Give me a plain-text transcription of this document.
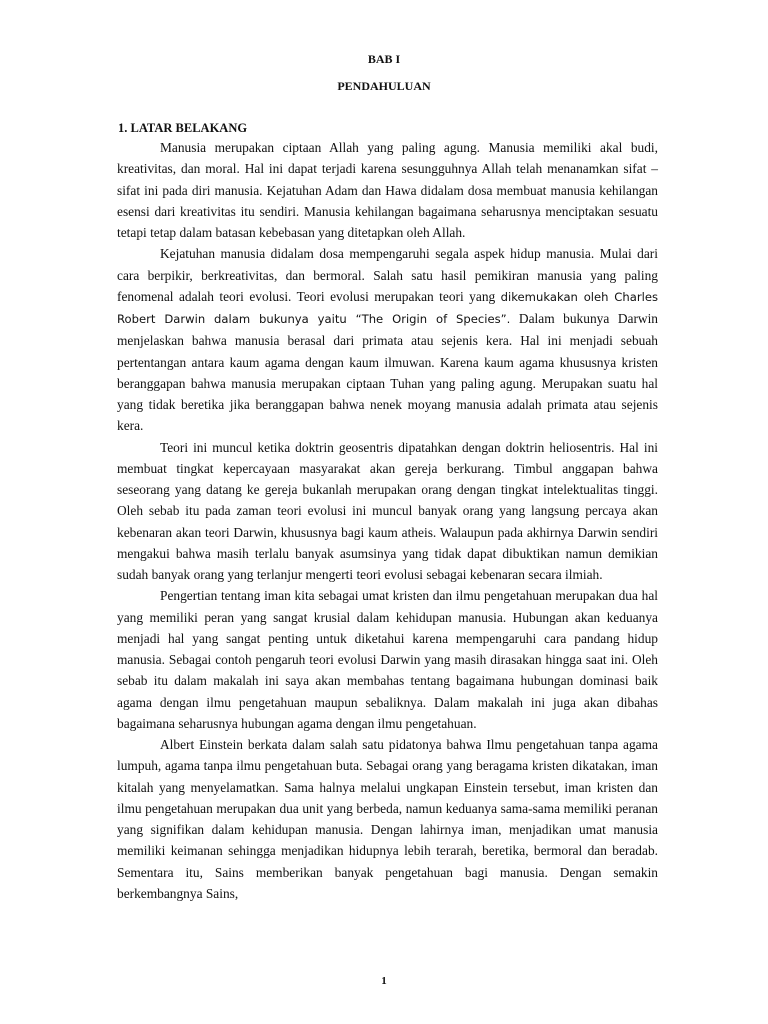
BAB I
PENDAHULUAN
1. LATAR BELAKANG

Manusia merupakan ciptaan Allah yang paling agung. Manusia memiliki akal budi, kreativitas, dan moral. Hal ini dapat terjadi karena sesungguhnya Allah telah menanamkan sifat – sifat ini pada diri manusia. Kejatuhan Adam dan Hawa didalam dosa membuat manusia kehilangan esensi dari kreativitas itu sendiri. Manusia kehilangan bagaimana seharusnya menciptakan sesuatu tetapi tetap dalam batasan kebebasan yang ditetapkan oleh Allah.

Kejatuhan manusia didalam dosa mempengaruhi segala aspek hidup manusia. Mulai dari cara berpikir, berkreativitas, dan bermoral. Salah satu hasil pemikiran manusia yang paling fenomenal adalah teori evolusi. Teori evolusi merupakan teori yang dikemukakan oleh Charles Robert Darwin dalam bukunya yaitu “The Origin of Species”. Dalam bukunya Darwin menjelaskan bahwa manusia berasal dari primata atau sejenis kera. Hal ini menjadi sebuah pertentangan antara kaum agama dengan kaum ilmuwan. Karena kaum agama khususnya kristen beranggapan bahwa manusia merupakan ciptaan Tuhan yang paling agung. Merupakan suatu hal yang tidak beretika jika beranggapan bahwa nenek moyang manusia adalah primata atau sejenis kera.

Teori ini muncul ketika doktrin geosentris dipatahkan dengan doktrin heliosentris. Hal ini membuat tingkat kepercayaan masyarakat akan gereja berkurang. Timbul anggapan bahwa seseorang yang datang ke gereja bukanlah merupakan orang dengan tingkat intelektualitas tinggi. Oleh sebab itu pada zaman teori evolusi ini muncul banyak orang yang langsung percaya akan kebenaran akan teori Darwin, khususnya bagi kaum atheis. Walaupun pada akhirnya Darwin sendiri mengakui bahwa masih terlalu banyak asumsinya yang tidak dapat dibuktikan namun demikian sudah banyak orang yang terlanjur mengerti teori evolusi sebagai kebenaran secara ilmiah.

Pengertian tentang iman kita sebagai umat kristen dan ilmu pengetahuan merupakan dua hal yang memiliki peran yang sangat krusial dalam kehidupan manusia. Hubungan akan keduanya menjadi hal yang sangat penting untuk diketahui karena mempengaruhi cara pandang hidup manusia. Sebagai contoh pengaruh teori evolusi Darwin yang masih dirasakan hingga saat ini. Oleh sebab itu dalam makalah ini saya akan membahas tentang bagaimana hubungan dominasi baik agama dengan ilmu pengetahuan maupun sebaliknya. Dalam makalah ini juga akan dibahas bagaimana seharusnya hubungan agama dengan ilmu pengetahuan.

Albert Einstein berkata dalam salah satu pidatonya bahwa Ilmu pengetahuan tanpa agama lumpuh, agama tanpa ilmu pengetahuan buta. Sebagai orang yang beragama kristen dikatakan, iman kitalah yang menyelamatkan. Sama halnya melalui ungkapan Einstein tersebut, iman kristen dan ilmu pengetahuan merupakan dua unit yang berbeda, namun keduanya sama-sama memiliki peranan yang signifikan dalam kehidupan manusia. Dengan lahirnya iman, menjadikan umat manusia memiliki keimanan sehingga menjadikan hidupnya lebih terarah, beretika, bermoral dan beradab. Sementara itu, Sains memberikan banyak pengetahuan bagi manusia. Dengan semakin berkembangnya Sains,

1
